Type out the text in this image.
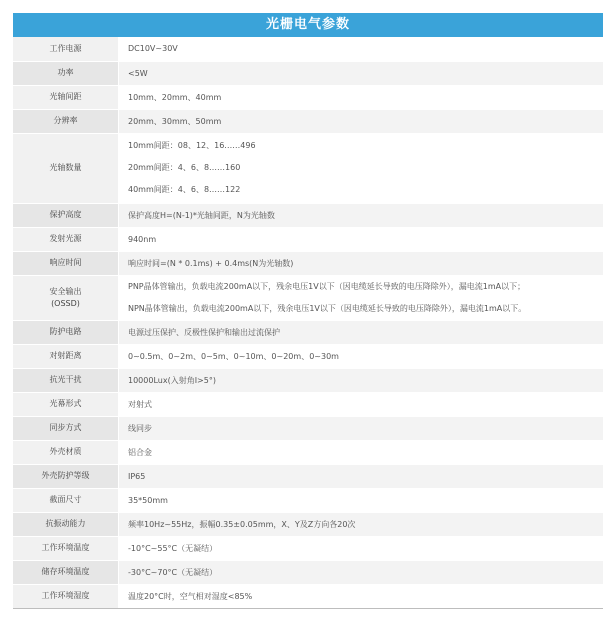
光栅电气参数
工作电源	DC10V~30V

功率	<5W

光轴间距	10mm、20mm、40mm

分辨率	20mm、30mm、50mm

光轴数量	10mm间距：08、12、16……496
20mm间距：4、6、8……160
40mm间距：4、6、8……122

保护高度	保护高度H=(N-1)*光轴间距，N为光轴数

发射光源	940nm

响应时间	响应时间=(N * 0.1ms) + 0.4ms(N为光轴数)

安全输出
(OSSD)	PNP晶体管输出，负载电流200mA以下，残余电压1V以下（因电缆延长导致的电压降除外），漏电流1mA以下；
NPN晶体管输出，负载电流200mA以下，残余电压1V以下（因电缆延长导致的电压降除外），漏电流1mA以下。

防护电路	电源过压保护、反极性保护和输出过流保护

对射距离	0~0.5m、0~2m、0~5m、0~10m、0~20m、0~30m

抗光干扰	10000Lux(入射角I>5°)

光幕形式	对射式

同步方式	线同步

外壳材质	铝合金

外壳防护等级	IP65

截面尺寸	35*50mm

抗振动能力	频率10Hz~55Hz，振幅0.35±0.05mm，X、Y及Z方向各20次

工作环境温度	-10°C~55°C（无凝结）

储存环境温度	-30°C~70°C（无凝结）

工作环境湿度	温度20°C时，空气相对湿度<85%
